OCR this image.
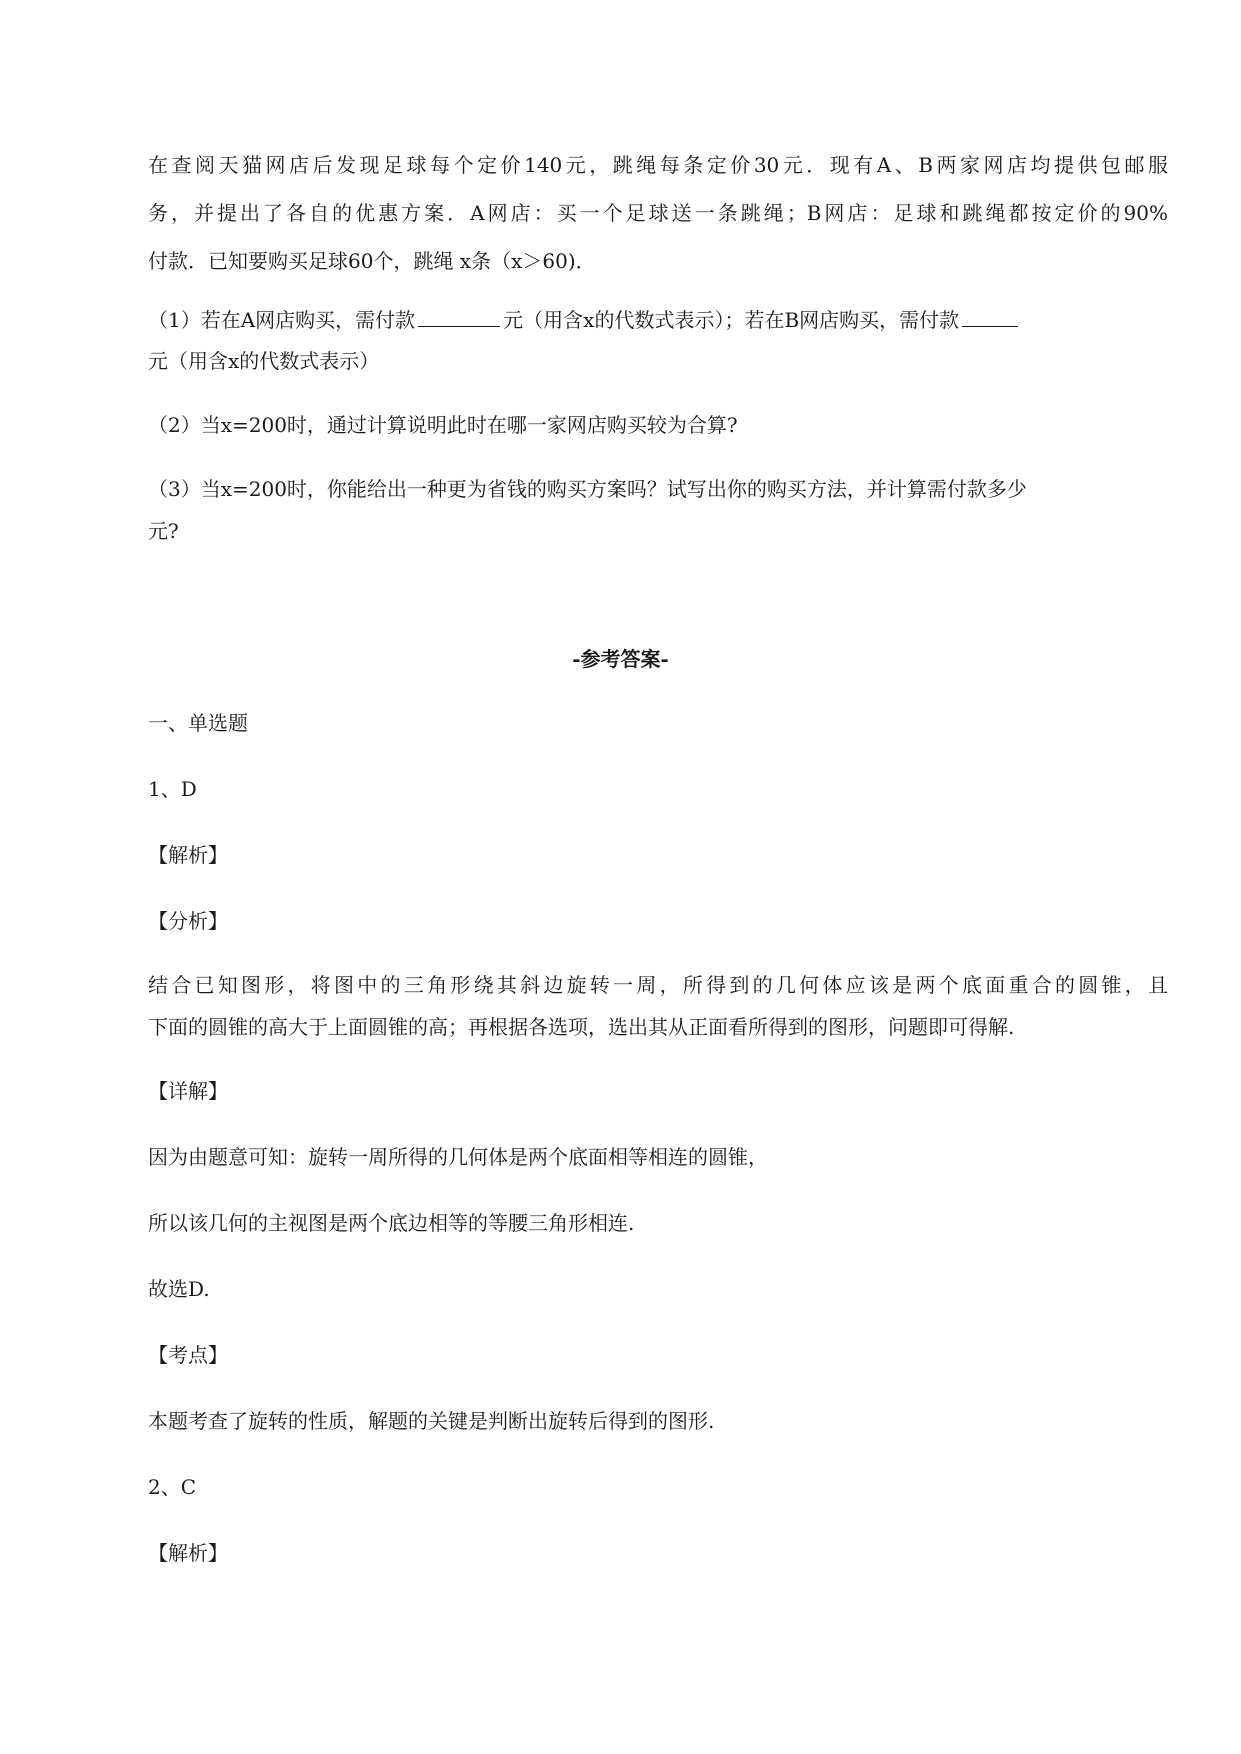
在查阅天猫网店后发现足球每个定价140元，跳绳每条定价30元．现有A、B两家网店均提供包邮服

务，并提出了各自的优惠方案．A网店：买一个足球送一条跳绳；B网店：足球和跳绳都按定价的90%

付款．已知要购买足球60个，跳绳 x条（x＞60)．

（1）若在A网店购买，需付款	元（用含x的代数式表示）；若在B网店购买，需付款

元（用含x的代数式表示）

（2）当x=200时，通过计算说明此时在哪一家网店购买较为合算?

（3）当x=200时，你能给出一种更为省钱的购买方案吗？试写出你的购买方法，并计算需付款多少

元?

-参考答案-

一、单选题

1、D

【解析】

【分析】

结合已知图形，将图中的三角形绕其斜边旋转一周，所得到的几何体应该是两个底面重合的圆锥，且

下面的圆锥的高大于上面圆锥的高；再根据各选项，选出其从正面看所得到的图形，问题即可得解.

【详解】

因为由题意可知：旋转一周所得的几何体是两个底面相等相连的圆锥，

所以该几何的主视图是两个底边相等的等腰三角形相连.

故选D.

【考点】

本题考查了旋转的性质，解题的关键是判断出旋转后得到的图形.

2、C

【解析】
